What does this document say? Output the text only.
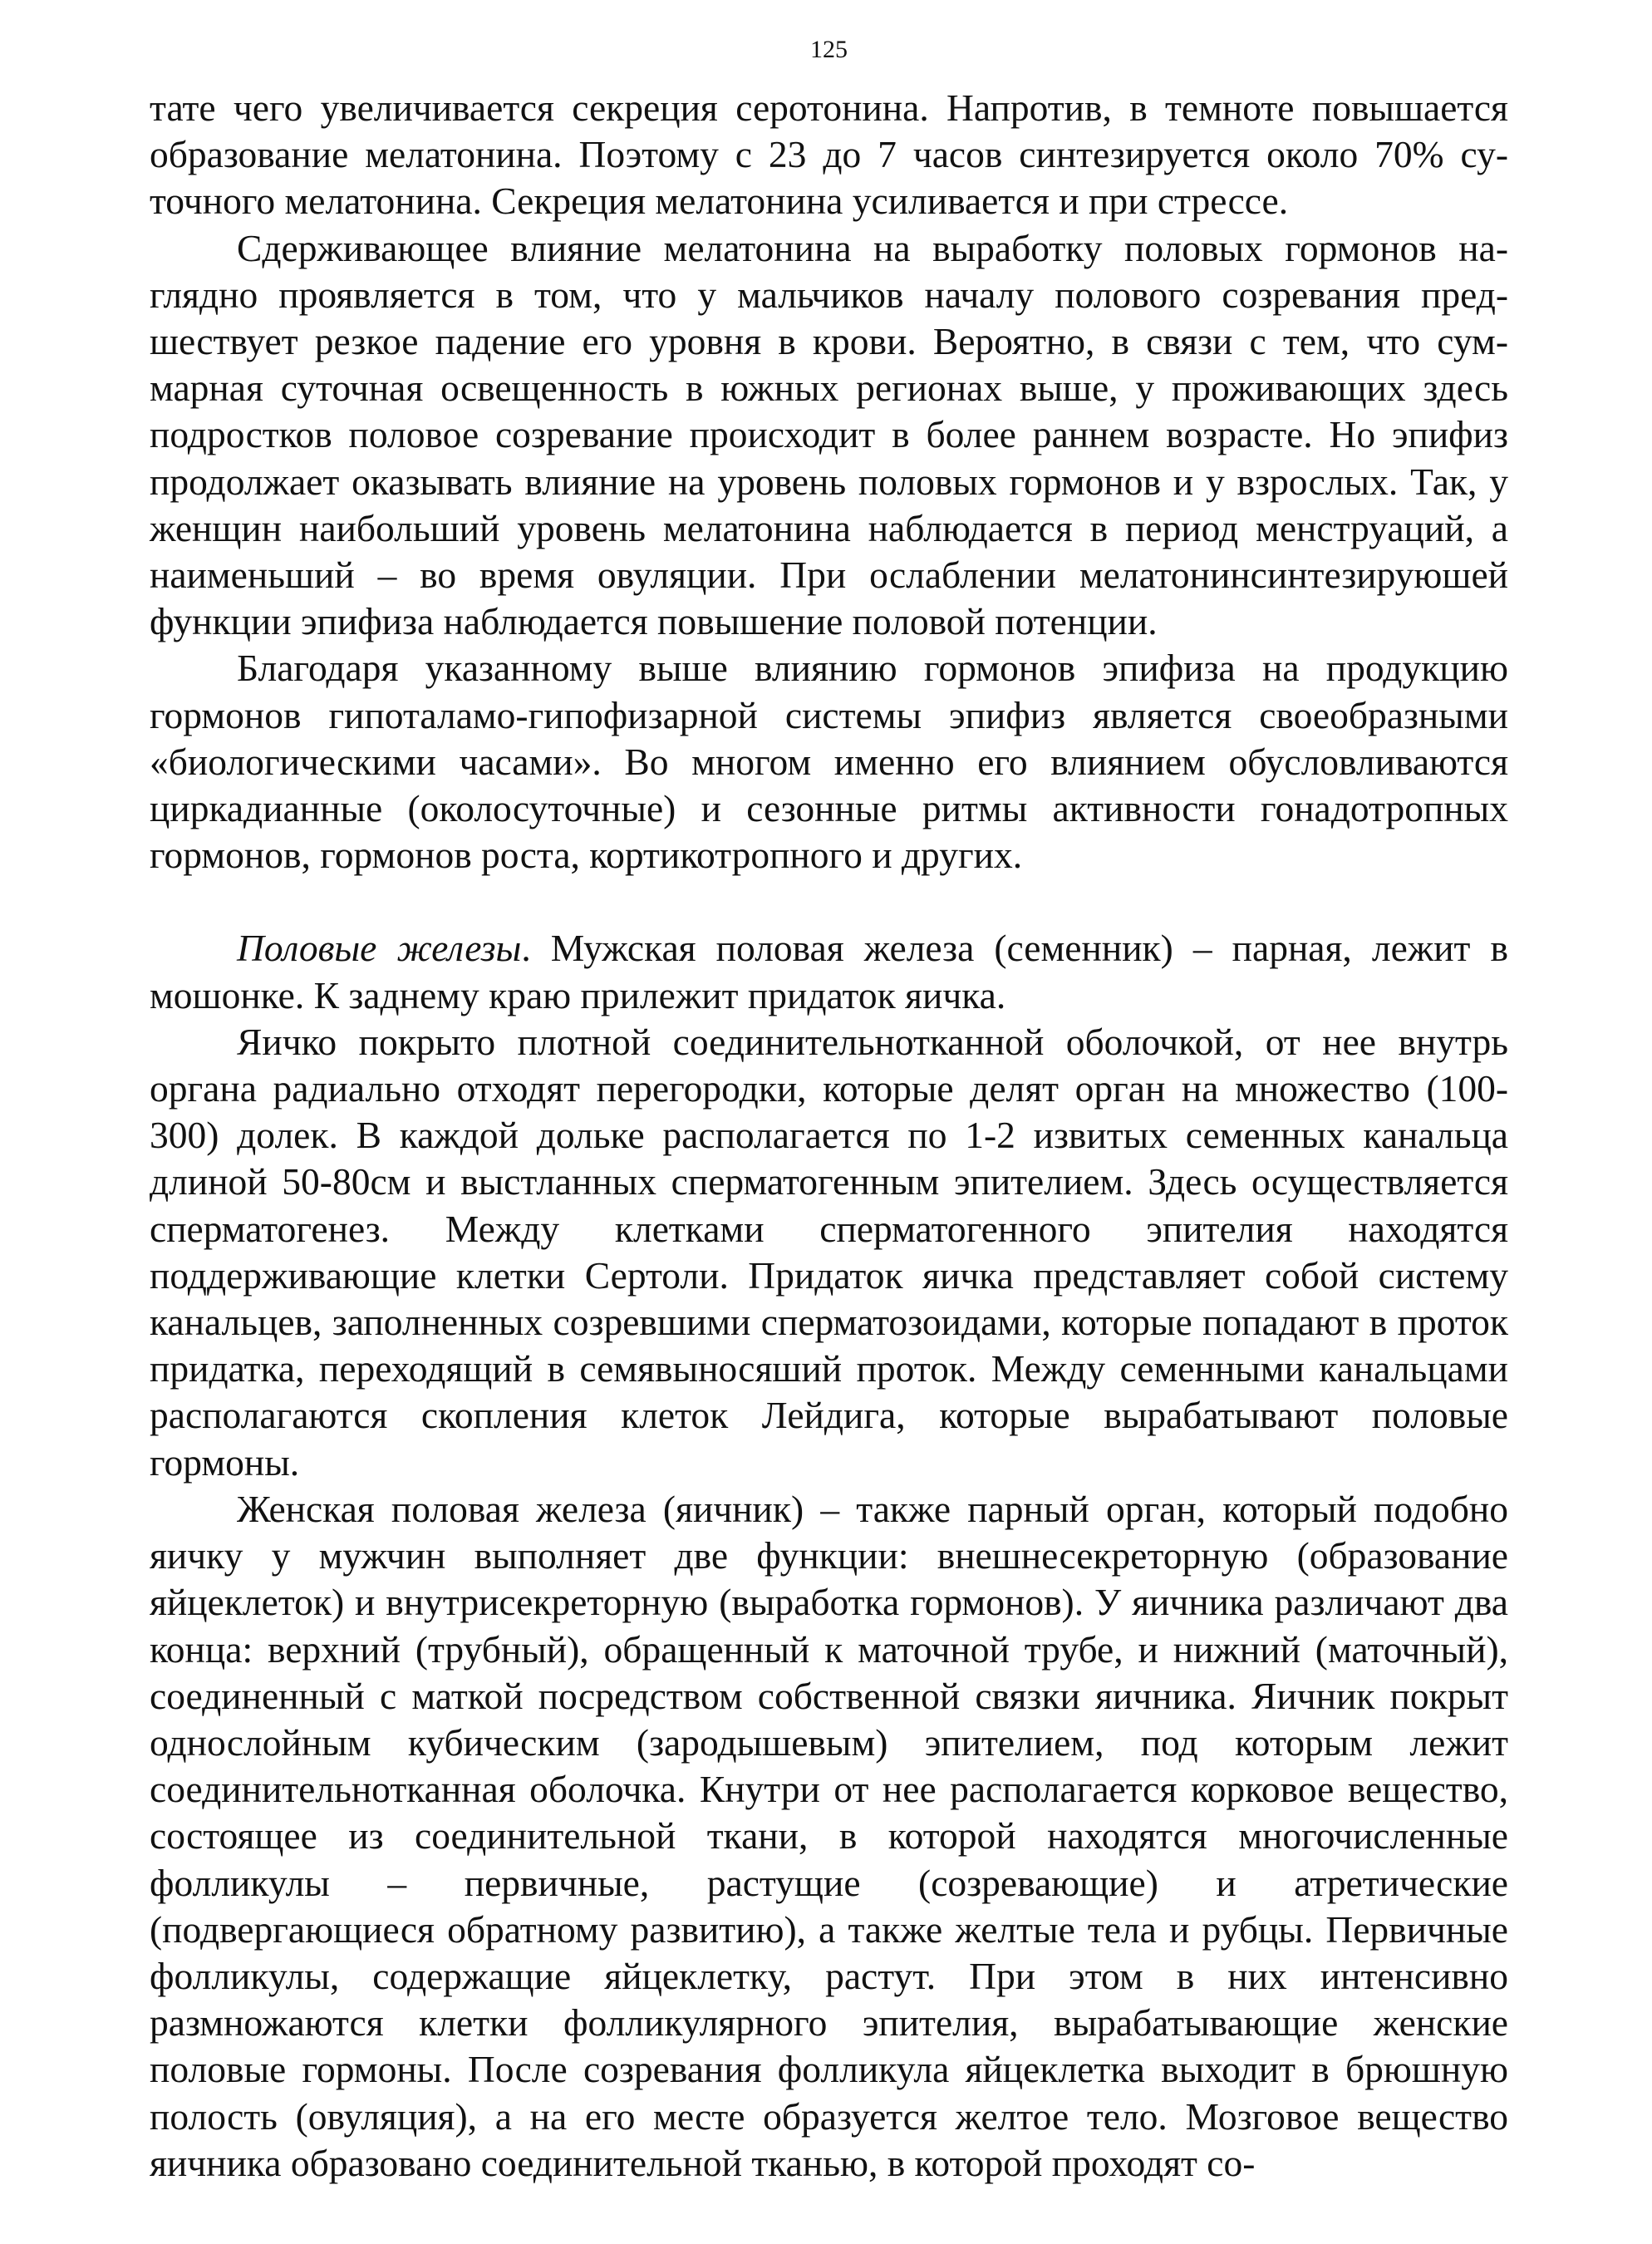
125

тате чего увеличивается секреция серотонина. Напротив, в темноте повышается образование мелатонина. Поэтому с 23 до 7 часов синтезируется около 70% суточного мелатонина. Секреция мелатонина усиливается и при стрессе.

Сдерживающее влияние мелатонина на выработку половых гормонов наглядно проявляется в том, что у мальчиков началу полового созревания предшествует резкое падение его уровня в крови. Вероятно, в связи с тем, что суммарная суточная освещенность в южных регионах выше, у проживающих здесь подростков половое созревание происходит в более раннем возрасте. Но эпифиз продолжает оказывать влияние на уровень половых гормонов и у взрослых. Так, у женщин наибольший уровень мелатонина наблюдается в период менструаций, а наименьший – во время овуляции. При ослаблении мелатонинсинтезируюшей функции эпифиза наблюдается повышение половой потенции.

Благодаря указанному выше влиянию гормонов эпифиза на продукцию гормонов гипоталамо-гипофизарной системы эпифиз является своеобразными «биологическими часами». Во многом именно его влиянием обусловливаются циркадианные (околосуточные) и сезонные ритмы активности гонадотропных гормонов, гормонов роста, кортикотропного и других.

Половые железы. Мужская половая железа (семенник) – парная, лежит в мошонке. К заднему краю прилежит придаток яичка.

Яичко покрыто плотной соединительнотканной оболочкой, от нее внутрь органа радиально отходят перегородки, которые делят орган на множество (100-300) долек. В каждой дольке располагается по 1-2 извитых семенных канальца длиной 50-80см и выстланных сперматогенным эпителием. Здесь осуществляется сперматогенез. Между клетками сперматогенного эпителия находятся поддерживающие клетки Сертоли. Придаток яичка представляет собой систему канальцев, заполненных созревшими сперматозоидами, которые попадают в проток придатка, переходящий в семявыносяший проток. Между семенными канальцами располагаются скопления клеток Лейдига, которые вырабатывают половые гормоны.

Женская половая железа (яичник) – также парный орган, который подобно яичку у мужчин выполняет две функции: внешнесекреторную (образование яйцеклеток) и внутрисекреторную (выработка гормонов). У яичника различают два конца: верхний (трубный), обращенный к маточной трубе, и нижний (маточный), соединенный с маткой посредством собственной связки яичника. Яичник покрыт однослойным кубическим (зародышевым) эпителием, под которым лежит соединительнотканная оболочка. Кнутри от нее располагается корковое вещество, состоящее из соединительной ткани, в которой находятся многочисленные фолликулы – первичные, растущие (созревающие) и атретические (подвергающиеся обратному развитию), а также желтые тела и рубцы. Первичные фолликулы, содержащие яйцеклетку, растут. При этом в них интенсивно размножаются клетки фолликулярного эпителия, вырабатывающие женские половые гормоны. После созревания фолликула яйцеклетка выходит в брюшную полость (овуляция), а на его месте образуется желтое тело. Мозговое вещество яичника образовано соединительной тканью, в которой проходят со-
